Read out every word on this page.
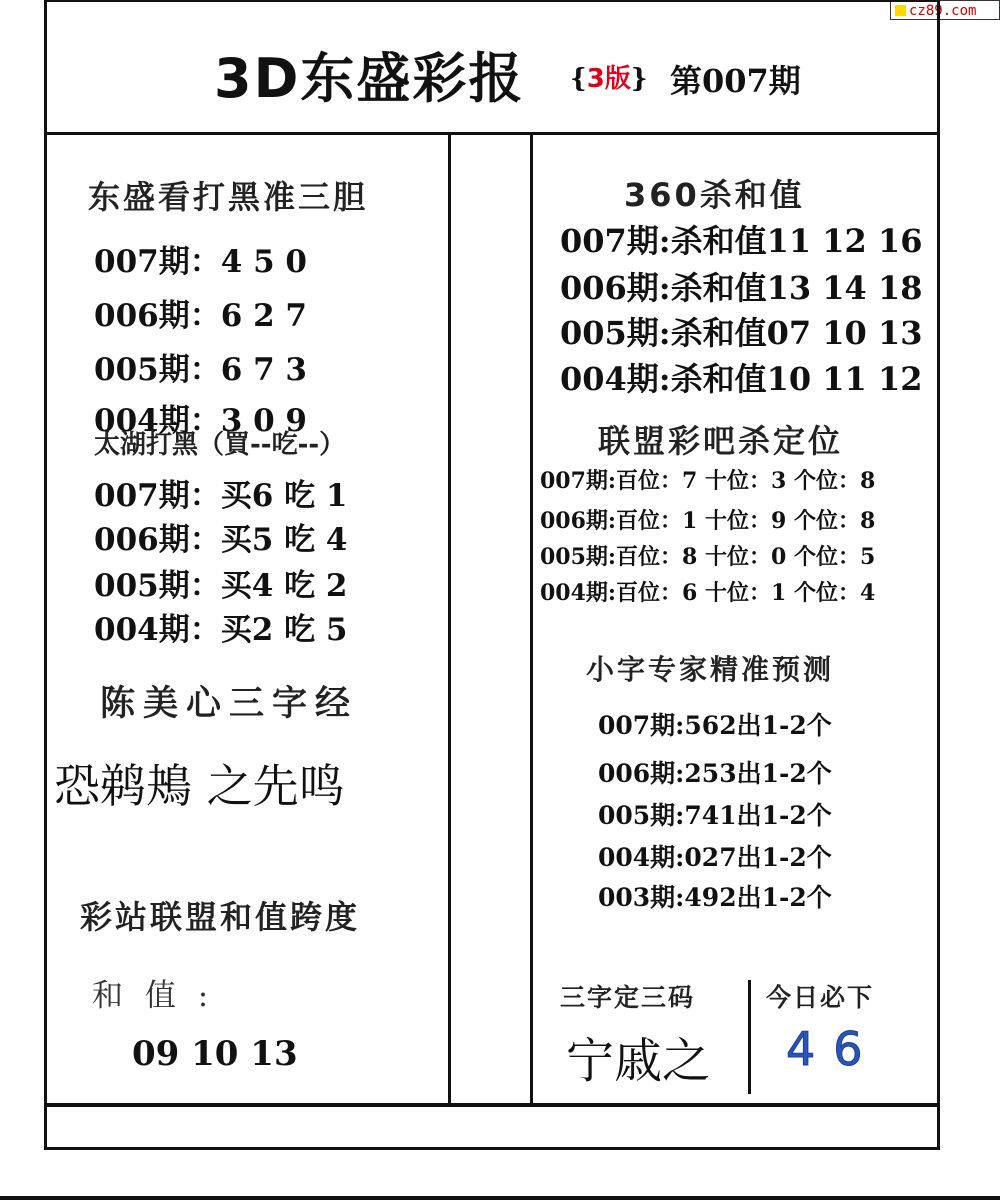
cz89.com
3D东盛彩报 {3版} 第007期
东盛看打黑准三胆
007期：4 5 0
006期：6 2 7
005期：6 7 3
004期：3 0 9
太湖打黑（買--吃--）
007期：买6 吃 1
006期：买5 吃 4
005期：买4 吃 2
004期：买2 吃 5
陈美心三字经
恐鹈鴂 之先鸣
彩站联盟和值跨度
和 值 :
09 10 13
360杀和值
007期:杀和值11 12 16
006期:杀和值13 14 18
005期:杀和值07 10 13
004期:杀和值10 11 12
联盟彩吧杀定位
007期:百位：7 十位：3 个位：8
006期:百位：1 十位：9 个位：8
005期:百位：8 十位：0 个位：5
004期:百位：6 十位：1 个位：4
小字专家精准预测
007期:562出1-2个
006期:253出1-2个
005期:741出1-2个
004期:027出1-2个
003期:492出1-2个
三字定三码	今日必下
宁戚之 46
